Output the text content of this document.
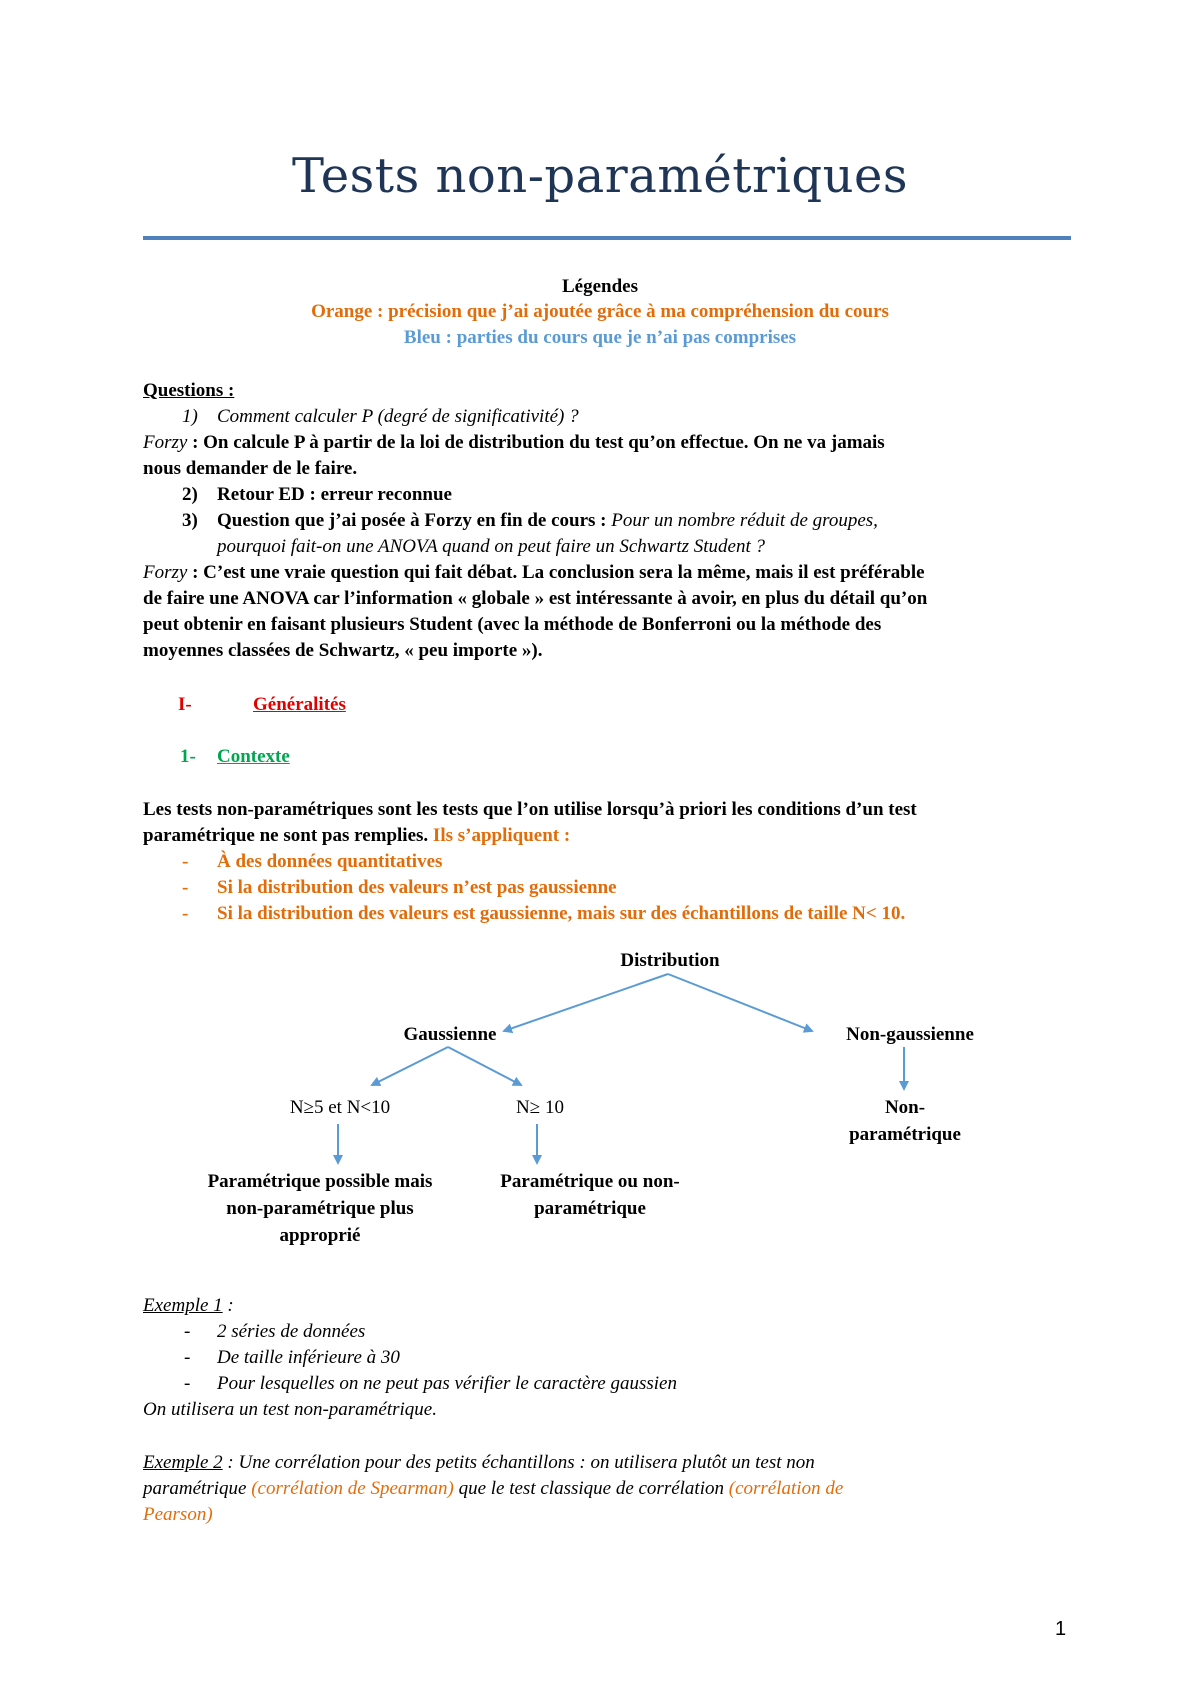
Tests non-paramétriques
Légendes
Orange : précision que j’ai ajoutée grâce à ma compréhension du cours
Bleu : parties du cours que je n’ai pas comprises
Questions :
1) Comment calculer P (degré de significativité) ?
Forzy : On calcule P à partir de la loi de distribution du test qu’on effectue. On ne va jamais
nous demander de le faire.
2) Retour ED : erreur reconnue
3) Question que j’ai posée à Forzy en fin de cours : Pour un nombre réduit de groupes,
pourquoi fait-on une ANOVA quand on peut faire un Schwartz Student ?
Forzy : C’est une vraie question qui fait débat. La conclusion sera la même, mais il est préférable
de faire une ANOVA car l’information « globale » est intéressante à avoir, en plus du détail qu’on
peut obtenir en faisant plusieurs Student (avec la méthode de Bonferroni ou la méthode des
moyennes classées de Schwartz, « peu importe »).
I-	Généralités
1- Contexte
Les tests non-paramétriques sont les tests que l’on utilise lorsqu’à priori les conditions d’un test
paramétrique ne sont pas remplies. Ils s’appliquent :
- À des données quantitatives
- Si la distribution des valeurs n’est pas gaussienne
- Si la distribution des valeurs est gaussienne, mais sur des échantillons de taille N< 10.
Distribution
Gaussienne	Non-gaussienne
N≥5 et N<10	N≥ 10	Non-
paramétrique
Paramétrique possible mais
non-paramétrique plus
approprié
Paramétrique ou non-
paramétrique
Exemple 1 :
- 2 séries de données
- De taille inférieure à 30
- Pour lesquelles on ne peut pas vérifier le caractère gaussien
On utilisera un test non-paramétrique.
Exemple 2 : Une corrélation pour des petits échantillons : on utilisera plutôt un test non
paramétrique (corrélation de Spearman) que le test classique de corrélation (corrélation de
Pearson)
1
